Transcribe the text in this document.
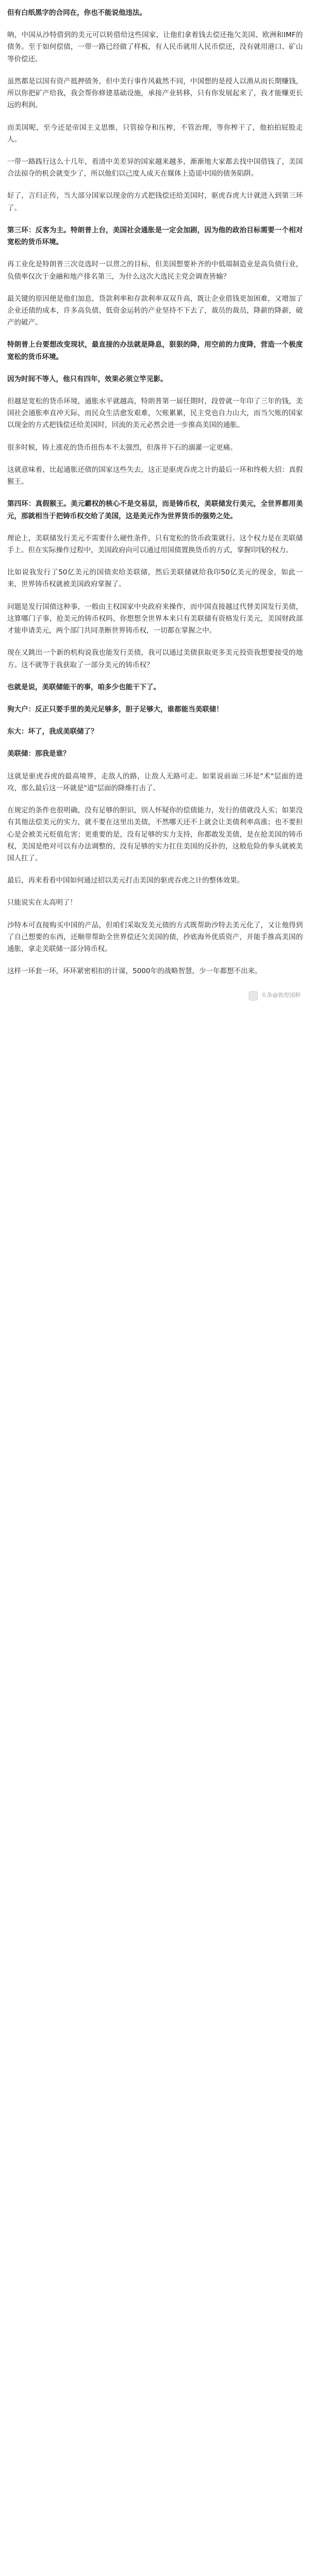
但有白纸黑字的合同在，你也不能说他违法。

呐，中国从沙特借到的美元可以转借给这些国家，让他们拿着钱去偿还拖欠美国、欧洲和IMF的债务。至于如何偿债，一带一路已经做了样板，有人民币就用人民币偿还，没有就用港口、矿山等价偿还。

虽然都是以国有资产抵押债务，但中美行事作风截然不同，中国想的是授人以渔从而长期赚钱，所以你把矿产给我，我会帮你修建基础设施，承接产业转移，只有你发展起来了，我才能赚更长远的利润。

而美国呢，至今还是帝国主义思维，只管掠夺和压榨，不管治理，等你榨干了，他拍拍屁股走人。

一带一路践行这么十几年，看清中美差异的国家越来越多，渐渐地大家都去找中国借钱了，美国合法掠夺的机会就变少了，所以他们以己度人成天在媒体上造谣中国的债务陷阱。

好了，言归正传，当大部分国家以现金的方式把钱偿还给美国时，驱虎吞虎大计就进入到第三环了。

第三环：反客为主。特朗普上台，美国社会通胀是一定会加剧，因为他的政治目标需要一个相对宽松的货币环境。

再工业化是特朗普三次竞选时一以贯之的目标，但美国想要补齐的中低端制造业是高负债行业，负债率仅次于金融和地产排名第三，为什么这次大选民主党会调查皆输？

最关键的原因便是他们加息，贷款利率和存款利率双双升高，既让企业借钱更加困难，又增加了企业还债的成本，许多高负债、低资金运转的产业坚持不下去了，裁员的裁员，降薪的降薪，破产的破产。

特朗普上台要想改变现状，最直接的办法就是降息，狠狠的降，用空前的力度降，营造一个极度宽松的货币环境。

因为时间不等人，他只有四年，效果必须立竿见影。

但越是宽松的货币环境，通胀水平就越高，特朗普第一届任期时，段曾就一年印了三年的钱，美国社会通胀率直冲天际，而民众生活愈发艰难，欠账累累，民主党也自力山大，而当欠账的国家以现金的方式把钱偿还给美国时，回流的美元必然会进一步推高美国的通胀。

很多时候，铸上涨花的货币扭伤本不太强烈，但落井下石的溺灌一定更痛。

这就意味着，比起通胀还债的国家这些失去，这正是驱虎吞虎之计的最后一环和终极大招：真假猴王。

第四环：真假猴王。美元霸权的核心不是交易层，而是铸币权，美联储发行美元，全世界都用美元，那就相当于把铸币权交给了美国，这是美元作为世界货币的强势之处。

理论上，美联储发行美元不需要什么硬性条件，只有宽松的货币政策就行。这个权力是在美联储手上。但在实际操作过程中，美国政府向可以通过用国债置换货币的方式，掌握印钱的权力。

比如说我发行了50亿美元的国债卖给美联储，然后美联储就给我印50亿美元的现金，如此一来，世界铸币权就被美国政府掌握了。

问题是发行国债这种事，一般由主权国家中央政府来操作，而中国直接越过代替美国发行美债，这算哪门子事，抢美元的铸币权吗，你想想全世界本来只有美联储有资格发行美元，美国财政部才能申请美元，两个部门共同垄断世界铸币权，一切都在掌握之中。

现在又跳出一个新的机构说我也能发行美债，我可以通过美债获取更多美元投资我想要接受的地方。这不就等于我获取了一部分美元的铸币权？

也就是说，美联储能干的事，咱多少也能干下了。

狗大户：反正只要手里的美元足够多，胆子足够大，谁都能当美联储！

东大：坏了，我成美联储了？

美联储：那我是谁？

这就是驱虎吞虎的最高境界，走敌人的路，让敌人无路可走。如果说前面三环是"术"层面的进攻，那么最后这一环就是"道"层面的降维打击了。

在规定的条件也很明确，没有足够的胆识，别人怀疑你的偿债能力，发行的债就没人买；如果没有其他法偿美元的实力，就不要在这里出美债，不然哪天还不上就会让美债利率高涨；也不要担心是会被美元贬值危害；更重要的是，没有足够的实力支持，你都敢发美债，是在抢美国的铸币权，美国是绝对可以有办法调整的，没有足够的实力扛住美国的反扑的，这般危险的拳头就被美国人扛了。

最后，再来看看中国如何通过招以美元打击美国的驱虎吞虎之计的整体效果。

只能说实在太高明了！

沙特本可直接购买中国的产品，但咱们采取发美元债的方式既帮助沙特去美元化了，又让他得到了自己想要的东西，还顺带帮助全世界偿还欠美国的债，抄底海外优质资产，并能手推高美国的通胀，拿走美联储一部分铸币权。

这样一环套一环，环环紧密相扣的计谋，5000年的战略智慧，少一年都想不出来。

头条@敦煌国粹
